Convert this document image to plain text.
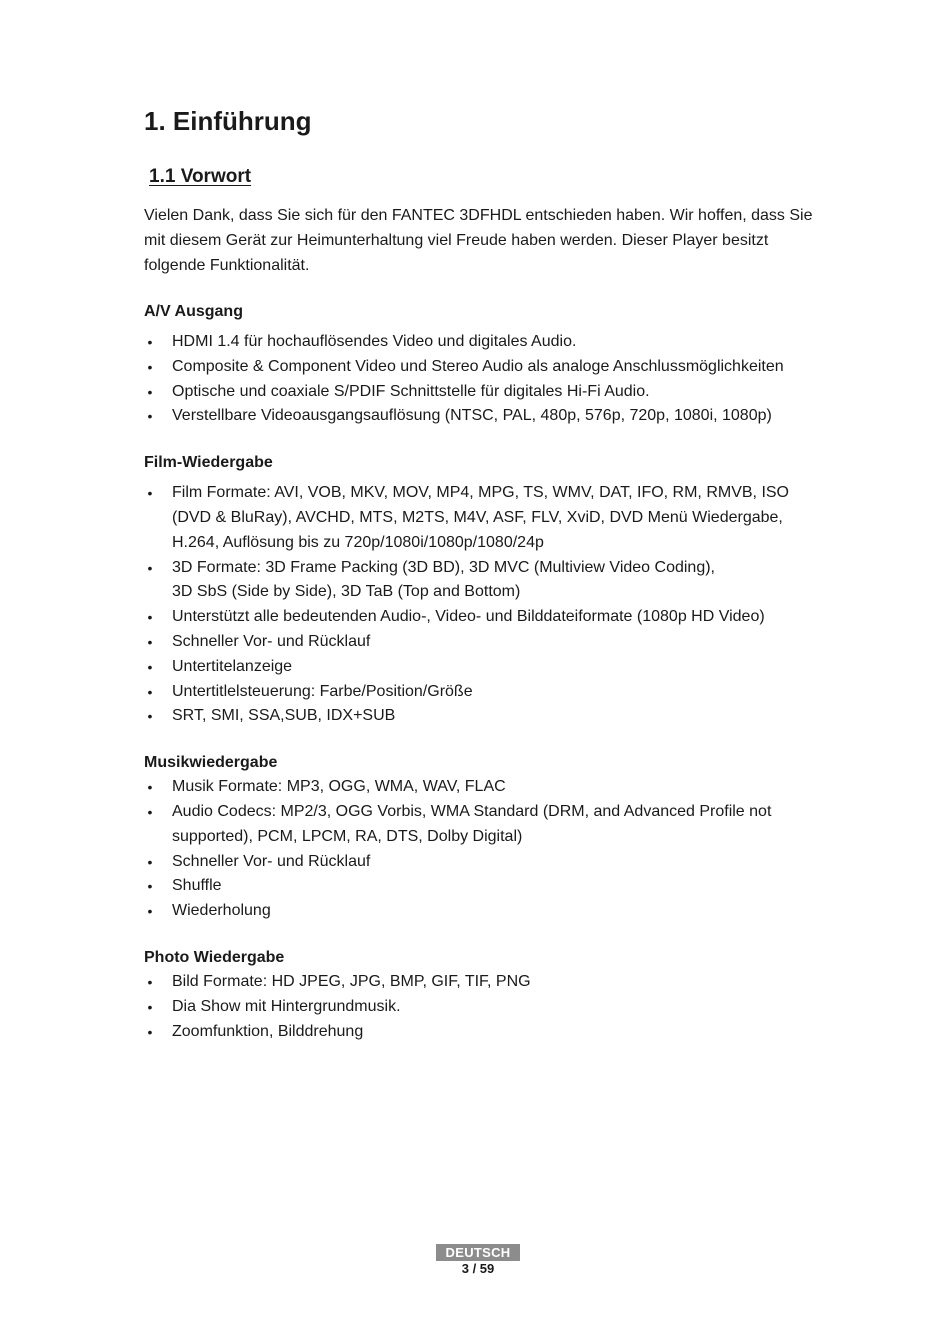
1. Einführung
1.1 Vorwort

Vielen Dank, dass Sie sich für den FANTEC 3DFHDL entschieden haben. Wir hoffen, dass Sie mit diesem Gerät zur Heimunterhaltung viel Freude haben werden. Dieser Player besitzt folgende Funktionalität.

A/V Ausgang
• HDMI 1.4 für hochauflösendes Video und digitales Audio.
• Composite & Component Video und Stereo Audio als analoge Anschlussmöglichkeiten
• Optische und coaxiale S/PDIF Schnittstelle für digitales Hi-Fi Audio.
• Verstellbare Videoausgangsauflösung (NTSC, PAL, 480p, 576p, 720p, 1080i, 1080p)
Film-Wiedergabe
• Film Formate: AVI, VOB, MKV, MOV, MP4, MPG, TS, WMV, DAT, IFO, RM, RMVB, ISO (DVD & BluRay), AVCHD, MTS, M2TS, M4V, ASF, FLV, XviD, DVD Menü Wiedergabe, H.264, Auflösung bis zu 720p/1080i/1080p/1080/24p
• 3D Formate: 3D Frame Packing (3D BD), 3D MVC (Multiview Video Coding),
3D SbS (Side by Side), 3D TaB (Top and Bottom)
• Unterstützt alle bedeutenden Audio-, Video- und Bilddateiformate (1080p HD Video)
• Schneller Vor- und Rücklauf
• Untertitelanzeige
• Untertitlelsteuerung: Farbe/Position/Größe
• SRT, SMI, SSA,SUB, IDX+SUB
Musikwiedergabe
• Musik Formate: MP3, OGG, WMA, WAV, FLAC
• Audio Codecs: MP2/3, OGG Vorbis, WMA Standard (DRM, and Advanced Profile not supported), PCM, LPCM, RA, DTS, Dolby Digital)
• Schneller Vor- und Rücklauf
• Shuffle
• Wiederholung
Photo Wiedergabe
• Bild Formate: HD JPEG, JPG, BMP, GIF, TIF, PNG
• Dia Show mit Hintergrundmusik.
• Zoomfunktion, Bilddrehung
DEUTSCH
3 / 59
